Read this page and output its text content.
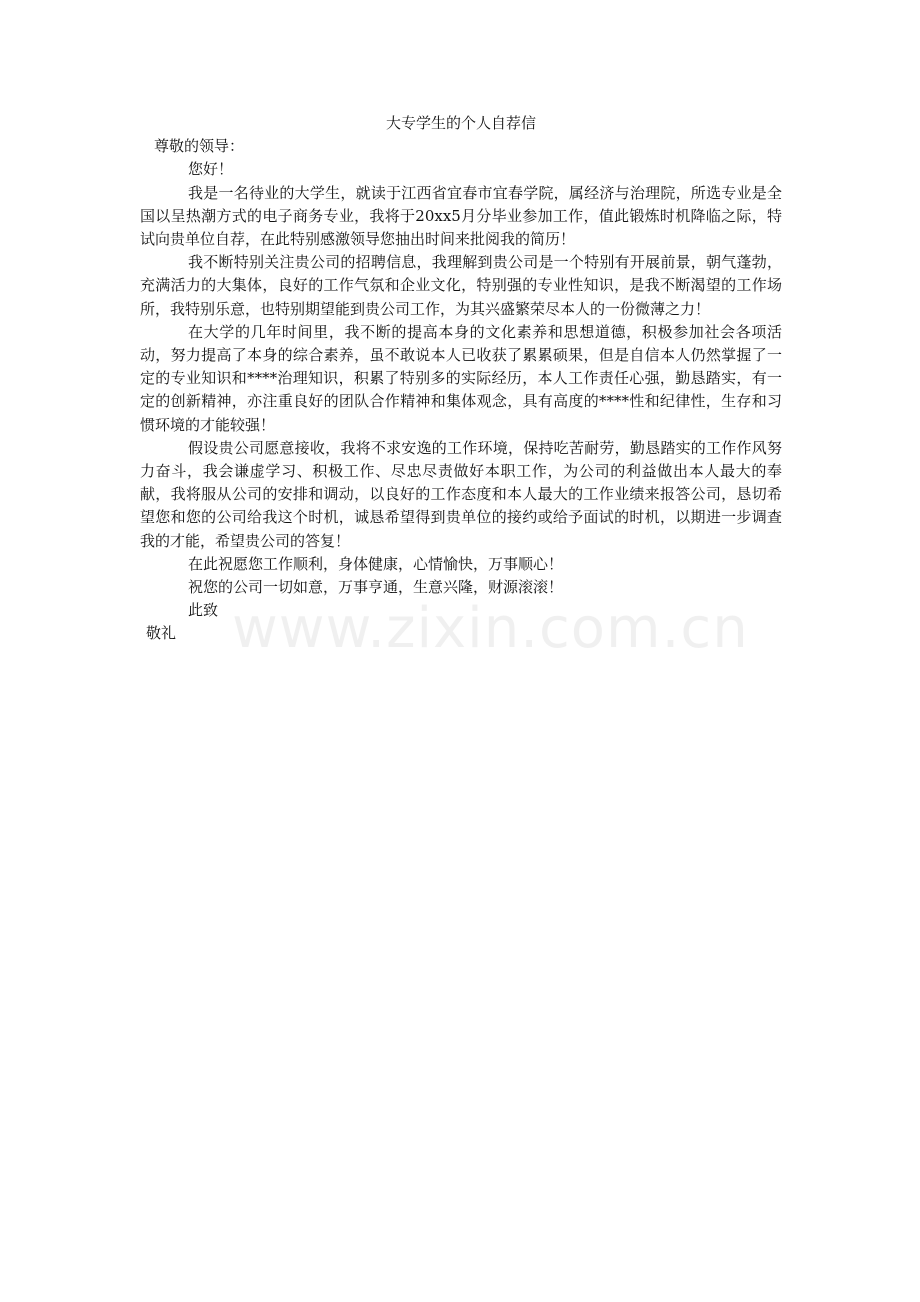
www.zixin.com.cn
大专学生的个人自荐信

尊敬的领导：

您好！

我是一名待业的大学生，就读于江西省宜春市宜春学院，属经济与治理院，所选专业是全国以呈热潮方式的电子商务专业，我将于20xx5月分毕业参加工作，值此锻炼时机降临之际，特试向贵单位自荐，在此特别感激领导您抽出时间来批阅我的简历！

我不断特别关注贵公司的招聘信息，我理解到贵公司是一个特别有开展前景，朝气蓬勃，充满活力的大集体，良好的工作气氛和企业文化，特别强的专业性知识，是我不断渴望的工作场所，我特别乐意，也特别期望能到贵公司工作，为其兴盛繁荣尽本人的一份微薄之力！

在大学的几年时间里，我不断的提高本身的文化素养和思想道德，积极参加社会各项活动，努力提高了本身的综合素养，虽不敢说本人已收获了累累硕果，但是自信本人仍然掌握了一定的专业知识和****治理知识，积累了特别多的实际经历，本人工作责任心强，勤恳踏实，有一定的创新精神，亦注重良好的团队合作精神和集体观念，具有高度的****性和纪律性，生存和习惯环境的才能较强！

假设贵公司愿意接收，我将不求安逸的工作环境，保持吃苦耐劳，勤恳踏实的工作作风努力奋斗，我会谦虚学习、积极工作、尽忠尽责做好本职工作，为公司的利益做出本人最大的奉献，我将服从公司的安排和调动，以良好的工作态度和本人最大的工作业绩来报答公司，恳切希望您和您的公司给我这个时机，诚恳希望得到贵单位的接约或给予面试的时机，以期进一步调查我的才能，希望贵公司的答复！

在此祝愿您工作顺利，身体健康，心情愉快，万事顺心！

祝您的公司一切如意，万事亨通，生意兴隆，财源滚滚！

此致

敬礼
